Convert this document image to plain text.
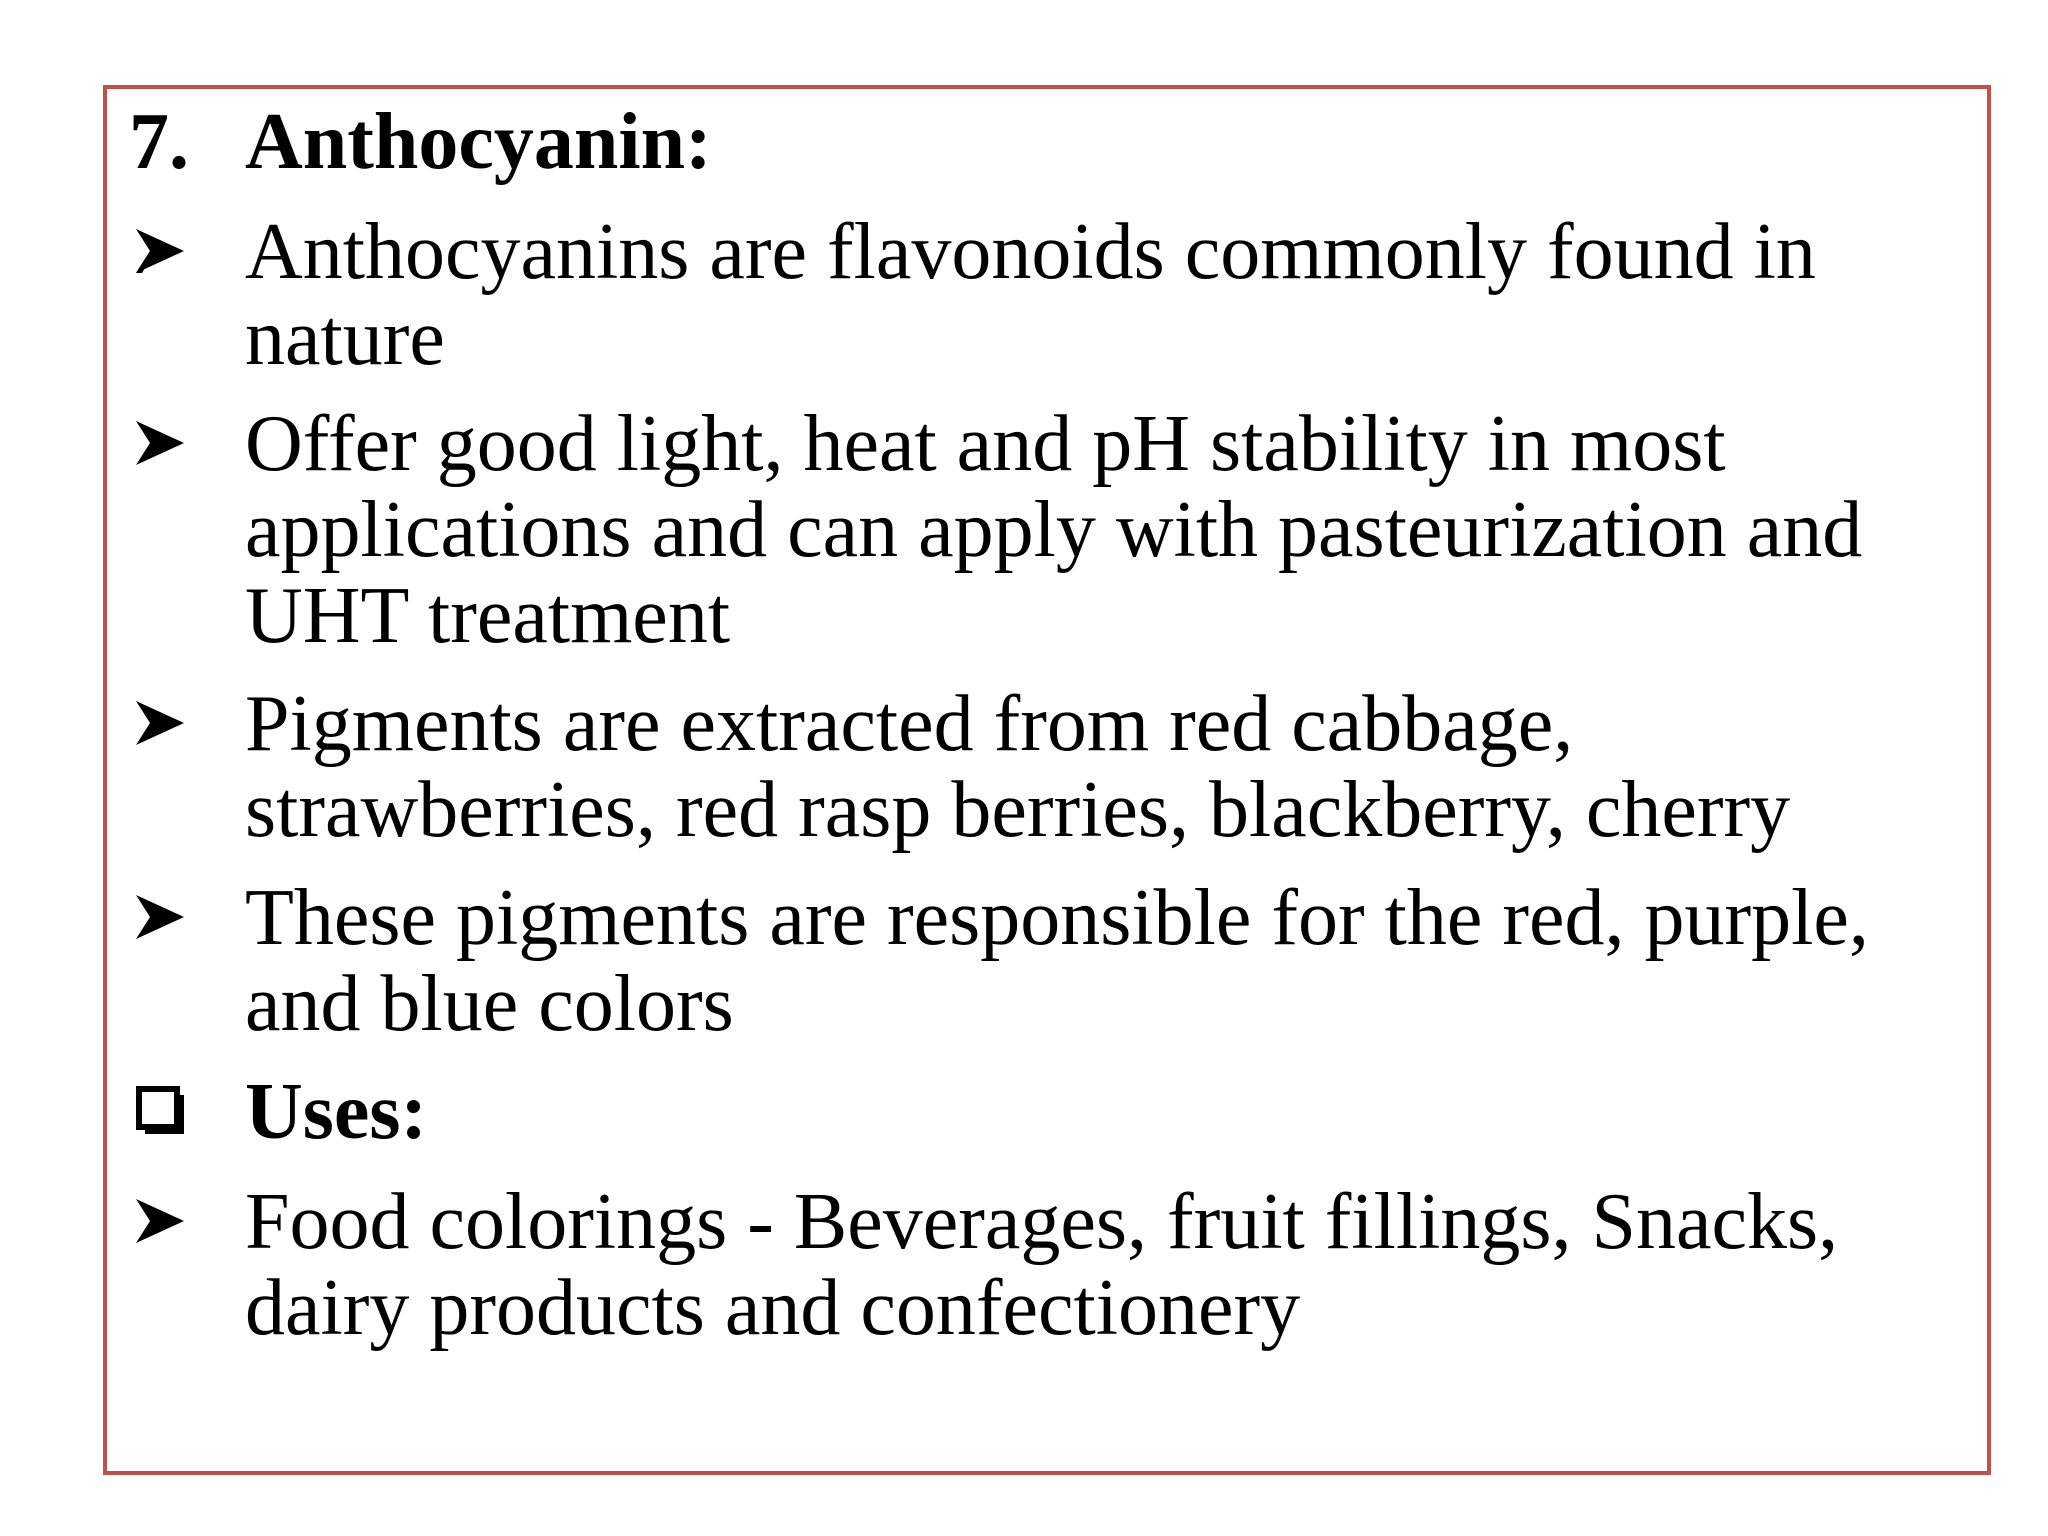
7. Anthocyanin:
Anthocyanins are flavonoids commonly found in
nature
Offer good light, heat and pH stability in most
applications and can apply with pasteurization and
UHT treatment
Pigments are extracted from red cabbage,
strawberries, red rasp berries, blackberry, cherry
These pigments are responsible for the red, purple,
and blue colors
Uses:
Food colorings - Beverages, fruit fillings, Snacks,
dairy products and confectionery
